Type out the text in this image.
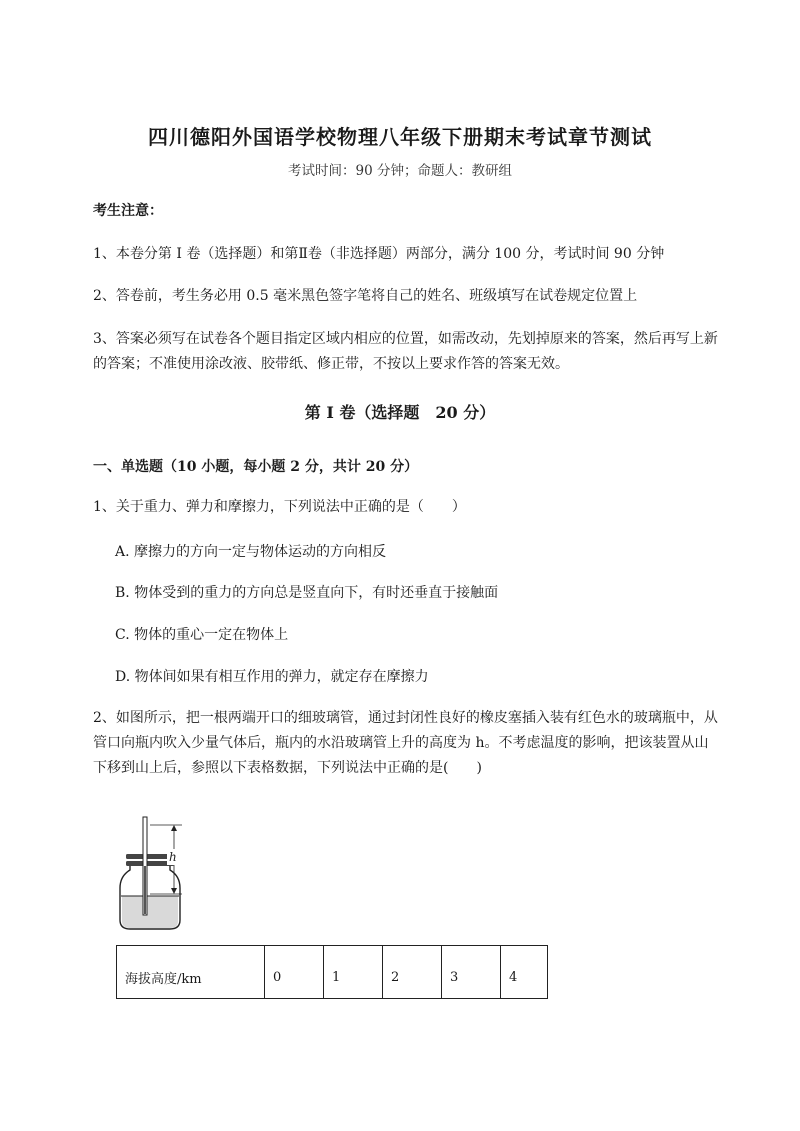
四川德阳外国语学校物理八年级下册期末考试章节测试
考试时间：90 分钟；命题人：教研组
考生注意：
1、本卷分第 I 卷（选择题）和第Ⅱ卷（非选择题）两部分，满分 100 分，考试时间 90 分钟
2、答卷前，考生务必用 0.5 毫米黑色签字笔将自己的姓名、班级填写在试卷规定位置上
3、答案必须写在试卷各个题目指定区域内相应的位置，如需改动，先划掉原来的答案，然后再写上新
的答案；不准使用涂改液、胶带纸、修正带，不按以上要求作答的答案无效。
第 I 卷（选择题　20 分）
一、单选题（10 小题，每小题 2 分，共计 20 分）
1、关于重力、弹力和摩擦力，下列说法中正确的是（　　）
A. 摩擦力的方向一定与物体运动的方向相反
B. 物体受到的重力的方向总是竖直向下，有时还垂直于接触面
C. 物体的重心一定在物体上
D. 物体间如果有相互作用的弹力，就定存在摩擦力
2、如图所示，把一根两端开口的细玻璃管，通过封闭性良好的橡皮塞插入装有红色水的玻璃瓶中，从
管口向瓶内吹入少量气体后，瓶内的水沿玻璃管上升的高度为 h。不考虑温度的影响，把该装置从山
下移到山上后，参照以下表格数据，下列说法中正确的是(　　)
h
海拔高度/km	0	1	2	3	4
